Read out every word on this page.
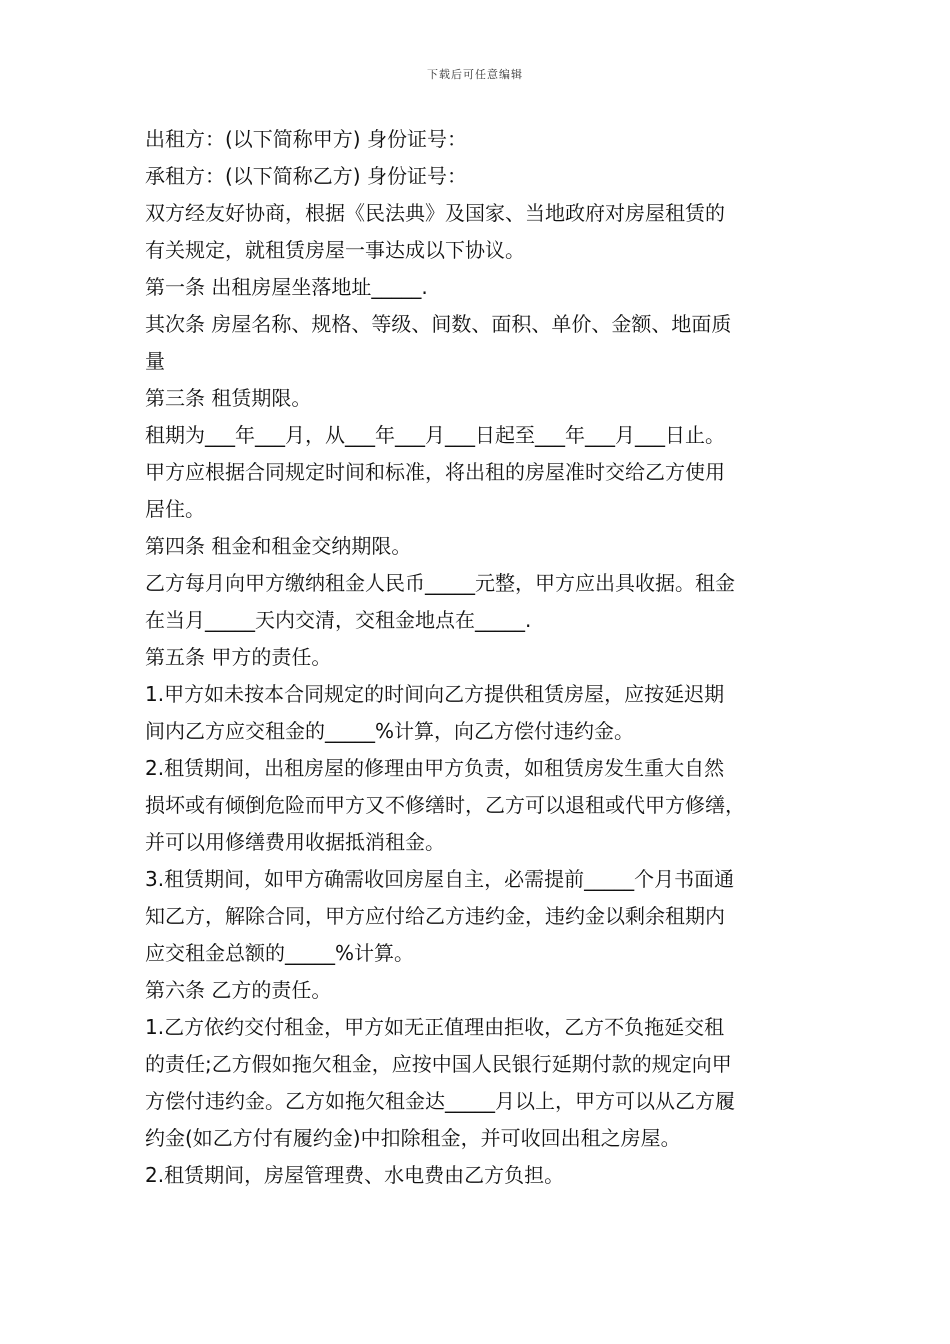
下载后可任意编辑
出租方：(以下简称甲方) 身份证号：
承租方：(以下简称乙方) 身份证号：
双方经友好协商，根据《民法典》及国家、当地政府对房屋租赁的
有关规定，就租赁房屋一事达成以下协议。
第一条 出租房屋坐落地址_____.
其次条 房屋名称、规格、等级、间数、面积、单价、金额、地面质
量
第三条 租赁期限。
租期为___年___月，从___年___月___日起至___年___月___日止。
甲方应根据合同规定时间和标准，将出租的房屋准时交给乙方使用
居住。
第四条 租金和租金交纳期限。
乙方每月向甲方缴纳租金人民币_____元整，甲方应出具收据。租金
在当月_____天内交清，交租金地点在_____.
第五条 甲方的责任。
1.甲方如未按本合同规定的时间向乙方提供租赁房屋，应按延迟期
间内乙方应交租金的_____%计算，向乙方偿付违约金。
2.租赁期间，出租房屋的修理由甲方负责，如租赁房发生重大自然
损坏或有倾倒危险而甲方又不修缮时，乙方可以退租或代甲方修缮，
并可以用修缮费用收据抵消租金。
3.租赁期间，如甲方确需收回房屋自主，必需提前_____个月书面通
知乙方，解除合同，甲方应付给乙方违约金，违约金以剩余租期内
应交租金总额的_____%计算。
第六条 乙方的责任。
1.乙方依约交付租金，甲方如无正值理由拒收，乙方不负拖延交租
的责任;乙方假如拖欠租金，应按中国人民银行延期付款的规定向甲
方偿付违约金。乙方如拖欠租金达_____月以上，甲方可以从乙方履
约金(如乙方付有履约金)中扣除租金，并可收回出租之房屋。
2.租赁期间，房屋管理费、水电费由乙方负担。
